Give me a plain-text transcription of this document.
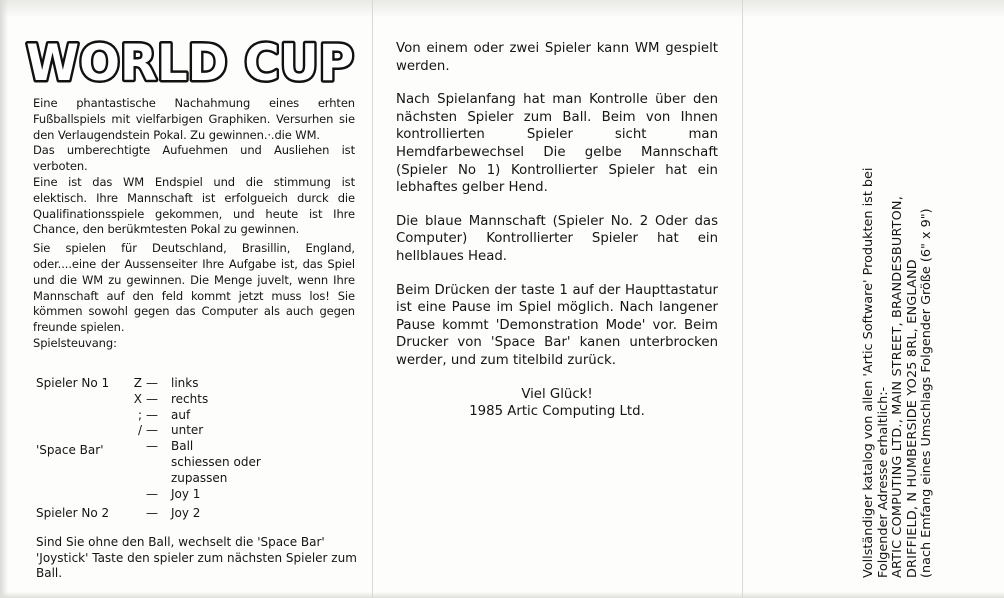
WORLD CUP

Eine phantastische Nachahmung eines erhten Fußballspiels mit vielfarbigen Graphiken. Versurhen sie den Verlaugendstein Pokal. Zu gewinnen.·.die WM.

Das umberechtigte Aufuehmen und Ausliehen ist verboten.

Eine ist das WM Endspiel und die stimmung ist elektisch. Ihre Mannschaft ist erfolgueich durck die Qualifinationsspiele gekommen, und heute ist Ihre Chance, den berükmtesten Pokal zu gewinnen.

Sie spielen für Deutschland, Brasillin, England, oder....eine der Aussenseiter Ihre Aufgabe ist, das Spiel und die WM zu gewinnen. Die Menge juvelt, wenn Ihre Mannschaft auf den feld kommt jetzt muss los! Sie kömmen sowohl gegen das Computer als auch gegen freunde spielen.

Spielsteuvang:

Spieler No 1	Z — links
X — rechts
; — auf
/ — unter
'Space Bar'	— Ball
schiessen oder
zupassen
— Joy 1
Spieler No 2	— Joy 2

Sind Sie ohne den Ball, wechselt die 'Space Bar' 'Joystick' Taste den spieler zum nächsten Spieler zum Ball.

Von einem oder zwei Spieler kann WM gespielt werden.

Nach Spielanfang hat man Kontrolle über den nächsten Spieler zum Ball. Beim von Ihnen kontrollierten Spieler sicht man Hemdfarbewechsel Die gelbe Mannschaft (Spieler No 1) Kontrollierter Spieler hat ein lebhaftes gelber Hend.

Die blaue Mannschaft (Spieler No. 2 Oder das Computer) Kontrollierter Spieler hat ein hellblaues Head.

Beim Drücken der taste 1 auf der Haupttastatur ist eine Pause im Spiel möglich. Nach langener Pause kommt 'Demonstration Mode' vor. Beim Drucker von 'Space Bar' kanen unterbrocken werder, und zum titelbild zurück.

Viel Glück!

1985 Artic Computing Ltd.	Vollständiger katalog von allen 'Artic Software' Produkten ist bei Folgender Adresse erhaltlich:- ARTIC COMPUTING LTD., MAIN STREET, BRANDESBURTON, DRIFFIELD, N HUMBERSIDE YO25 8RL, ENGLAND (nach Emfang eines Umschlags Folgender Größe (6" x 9")
